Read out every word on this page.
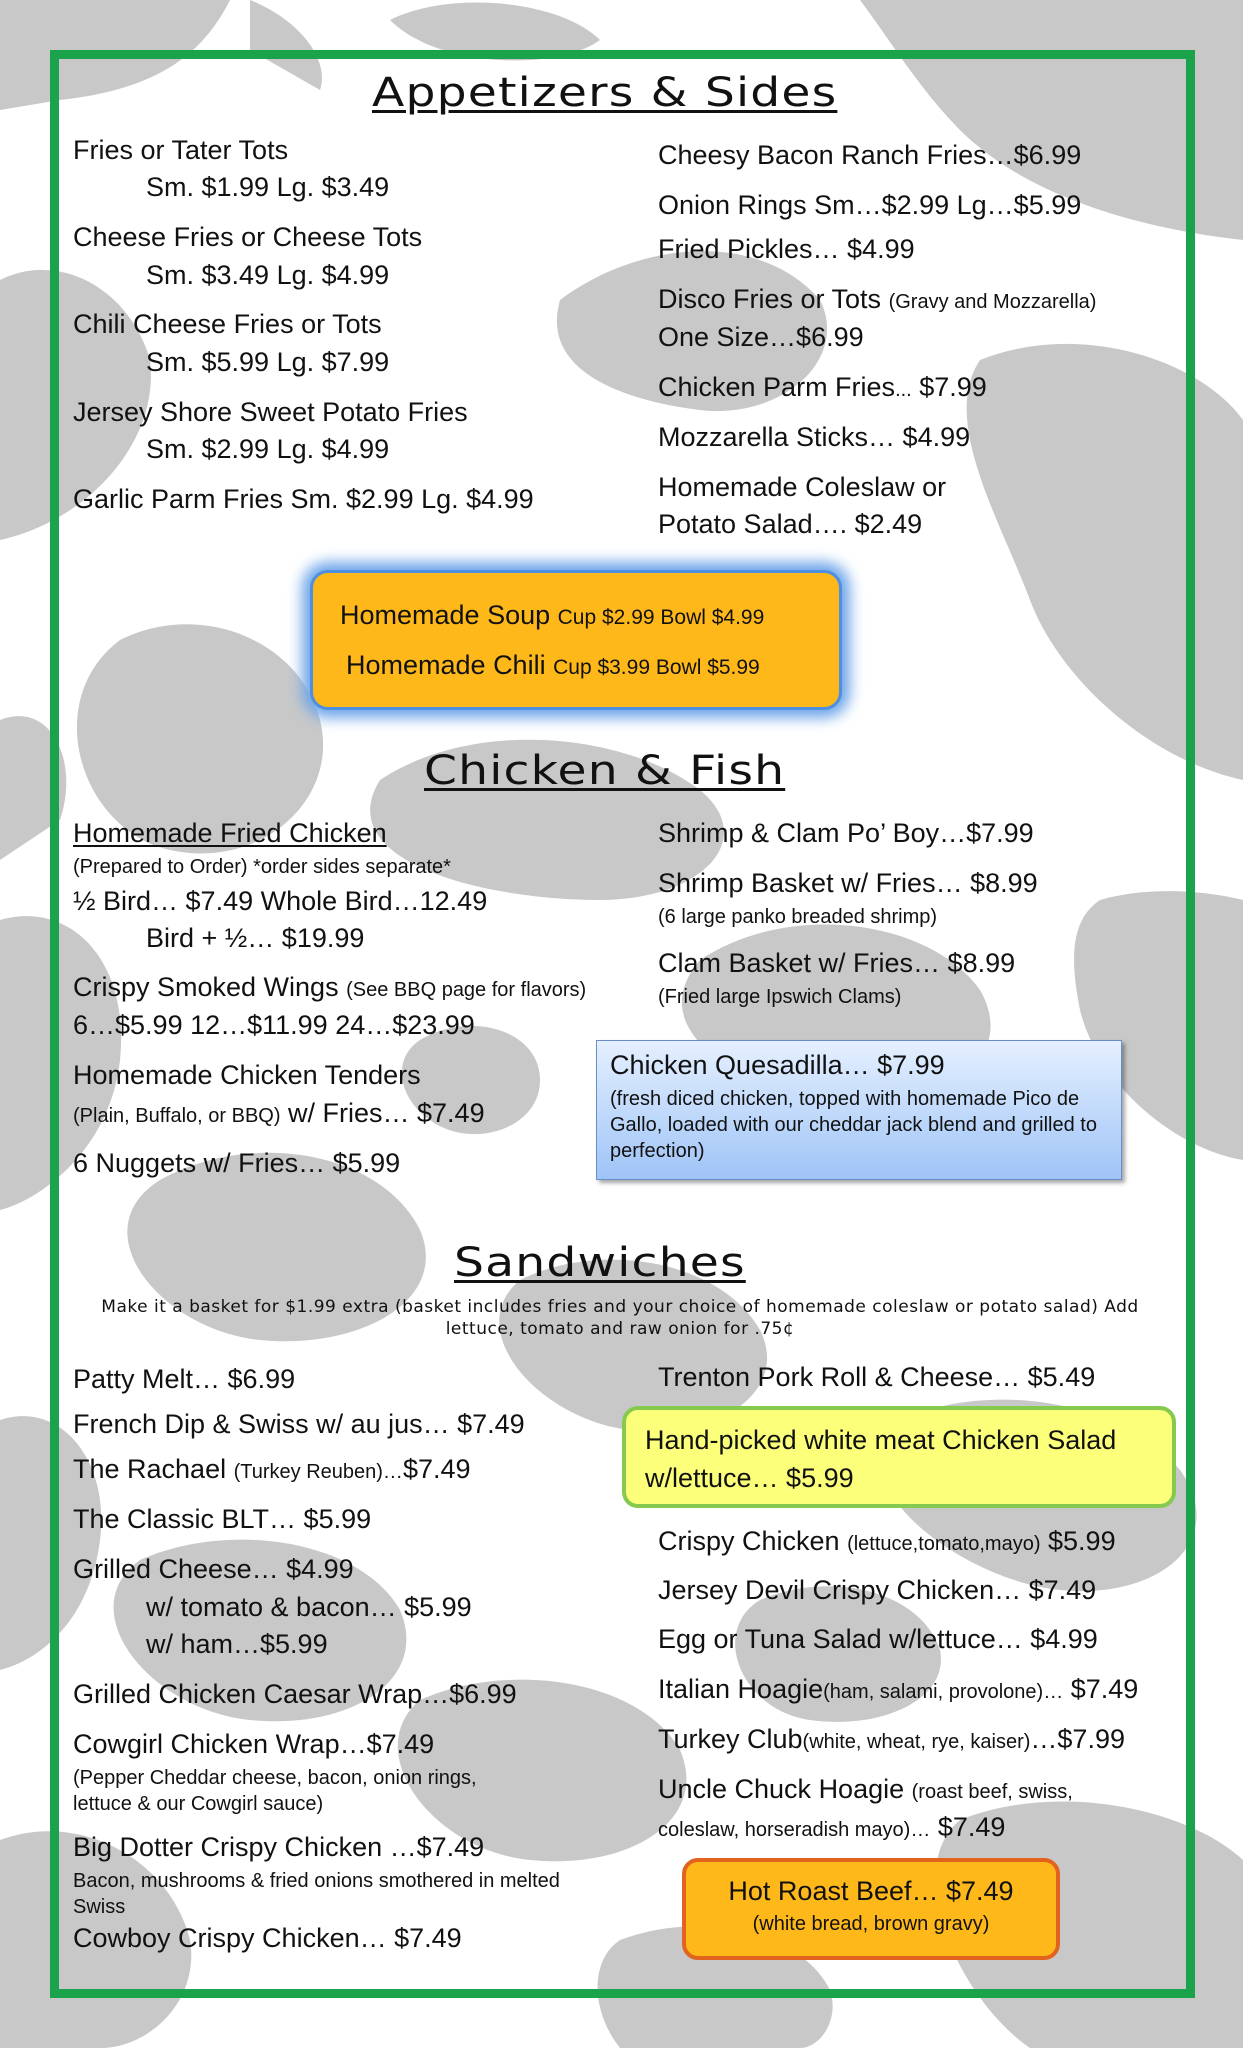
Appetizers & Sides
Fries or Tater Tots
Sm. $1.99 Lg. $3.49
Cheese Fries or Cheese Tots
Sm. $3.49 Lg. $4.99
Chili Cheese Fries or Tots
Sm. $5.99 Lg. $7.99
Jersey Shore Sweet Potato Fries
Sm. $2.99 Lg. $4.99
Garlic Parm Fries Sm. $2.99 Lg. $4.99
Cheesy Bacon Ranch Fries…$6.99
Onion Rings Sm…$2.99 Lg…$5.99
Fried Pickles… $4.99
Disco Fries or Tots (Gravy and Mozzarella)
One Size…$6.99
Chicken Parm Fries... $7.99
Mozzarella Sticks… $4.99
Homemade Coleslaw or
Potato Salad…. $2.49
Homemade Soup Cup $2.99 Bowl $4.99
Homemade Chili Cup $3.99 Bowl $5.99
Chicken & Fish
Homemade Fried Chicken
(Prepared to Order) *order sides separate*
½ Bird… $7.49 Whole Bird…12.49
Bird + ½… $19.99
Crispy Smoked Wings (See BBQ page for flavors)
6…$5.99 12…$11.99 24…$23.99
Homemade Chicken Tenders
(Plain, Buffalo, or BBQ) w/ Fries… $7.49
6 Nuggets w/ Fries… $5.99
Shrimp & Clam Po’ Boy…$7.99
Shrimp Basket w/ Fries… $8.99
(6 large panko breaded shrimp)
Clam Basket w/ Fries… $8.99
(Fried large Ipswich Clams)
Chicken Quesadilla… $7.99
(fresh diced chicken, topped with homemade Pico de Gallo, loaded with our cheddar jack blend and grilled to perfection)
Sandwiches
Make it a basket for $1.99 extra (basket includes fries and your choice of homemade coleslaw or potato salad) Add lettuce, tomato and raw onion for .75¢
Patty Melt… $6.99
French Dip & Swiss w/ au jus… $7.49
The Rachael (Turkey Reuben)…$7.49
The Classic BLT… $5.99
Grilled Cheese… $4.99
w/ tomato & bacon… $5.99
w/ ham…$5.99
Grilled Chicken Caesar Wrap…$6.99
Cowgirl Chicken Wrap…$7.49
(Pepper Cheddar cheese, bacon, onion rings,
lettuce & our Cowgirl sauce)
Big Dotter Crispy Chicken …$7.49
Bacon, mushrooms & fried onions smothered in melted
Swiss
Cowboy Crispy Chicken… $7.49
Trenton Pork Roll & Cheese… $5.49
Hand-picked white meat Chicken Salad
w/lettuce… $5.99
Crispy Chicken (lettuce,tomato,mayo) $5.99
Jersey Devil Crispy Chicken… $7.49
Egg or Tuna Salad w/lettuce… $4.99
Italian Hoagie(ham, salami, provolone)… $7.49
Turkey Club(white, wheat, rye, kaiser)…$7.99
Uncle Chuck Hoagie (roast beef, swiss,
coleslaw, horseradish mayo)… $7.49
Hot Roast Beef… $7.49
(white bread, brown gravy)
